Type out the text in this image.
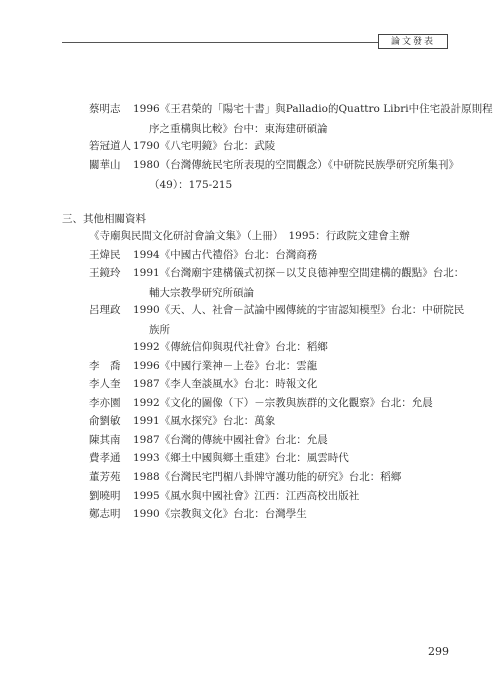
論文發表
蔡明志	1996《王君榮的「陽宅十書」與Palladio的Quattro Libri中住宅設計原則程
序之重構與比較》台中：東海建研碩論
箬冠道人 1790《八宅明鏡》台北：武陵
關華山	1980（台灣傳統民宅所表現的空間觀念）《中研院民族學研究所集刊》
（49）：175-215
三、其他相關資料
《寺廟與民間文化研討會論文集》（上冊）　1995：行政院文建會主辦
王煒民	1994《中國古代禮俗》台北：台灣商務
王鏡玲	1991《台灣廟宇建構儀式初探－以艾良德神聖空間建構的觀點》台北：
輔大宗教學研究所碩論
呂理政	1990《天、人、社會－試論中國傳統的宇宙認知模型》台北：中研院民
族所
1992《傳統信仰與現代社會》台北：稻鄉
李　喬	1996《中國行業神－上卷》台北：雲龍
李人奎	1987《李人奎談風水》台北：時報文化
李亦園	1992《文化的圖像（下）－宗教與族群的文化觀察》台北：允晨
俞劉敏	1991《風水探究》台北：萬象
陳其南	1987《台灣的傳統中國社會》台北：允晨
費孝通	1993《鄉土中國與鄉土重建》台北：風雲時代
董芳苑	1988《台灣民宅門楣八卦牌守護功能的研究》台北：稻鄉
劉曉明	1995《風水與中國社會》江西：江西高校出版社
鄭志明	1990《宗教與文化》台北：台灣學生
299
